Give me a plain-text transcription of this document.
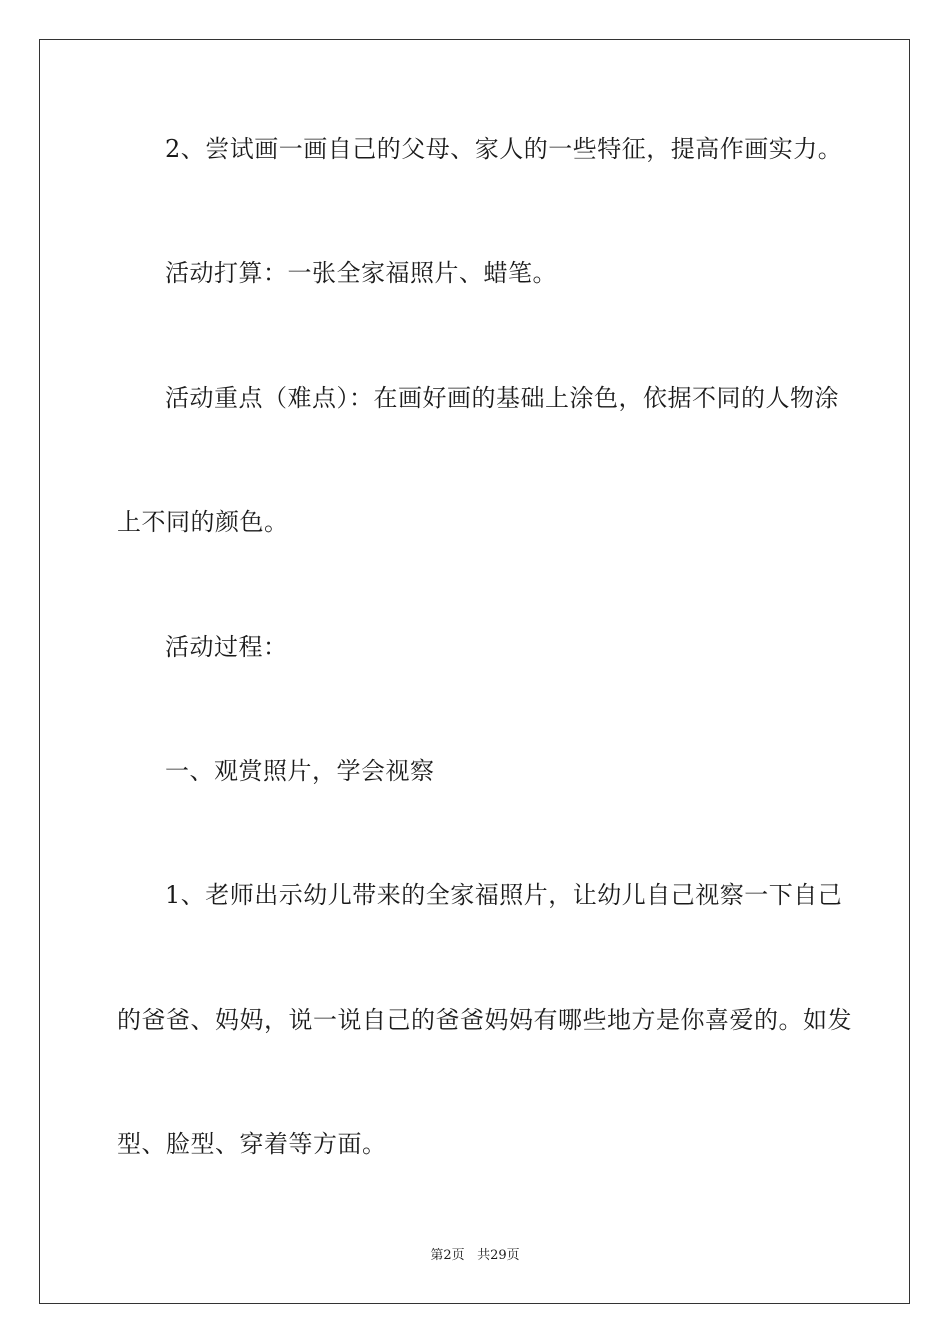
2、尝试画一画自己的父母、家人的一些特征，提高作画实力。
活动打算：一张全家福照片、蜡笔。
活动重点（难点）：在画好画的基础上涂色，依据不同的人物涂
上不同的颜色。
活动过程：
一、观赏照片，学会视察
1、老师出示幼儿带来的全家福照片，让幼儿自己视察一下自己
的爸爸、妈妈，说一说自己的爸爸妈妈有哪些地方是你喜爱的。如发
型、脸型、穿着等方面。
第2页 共29页
